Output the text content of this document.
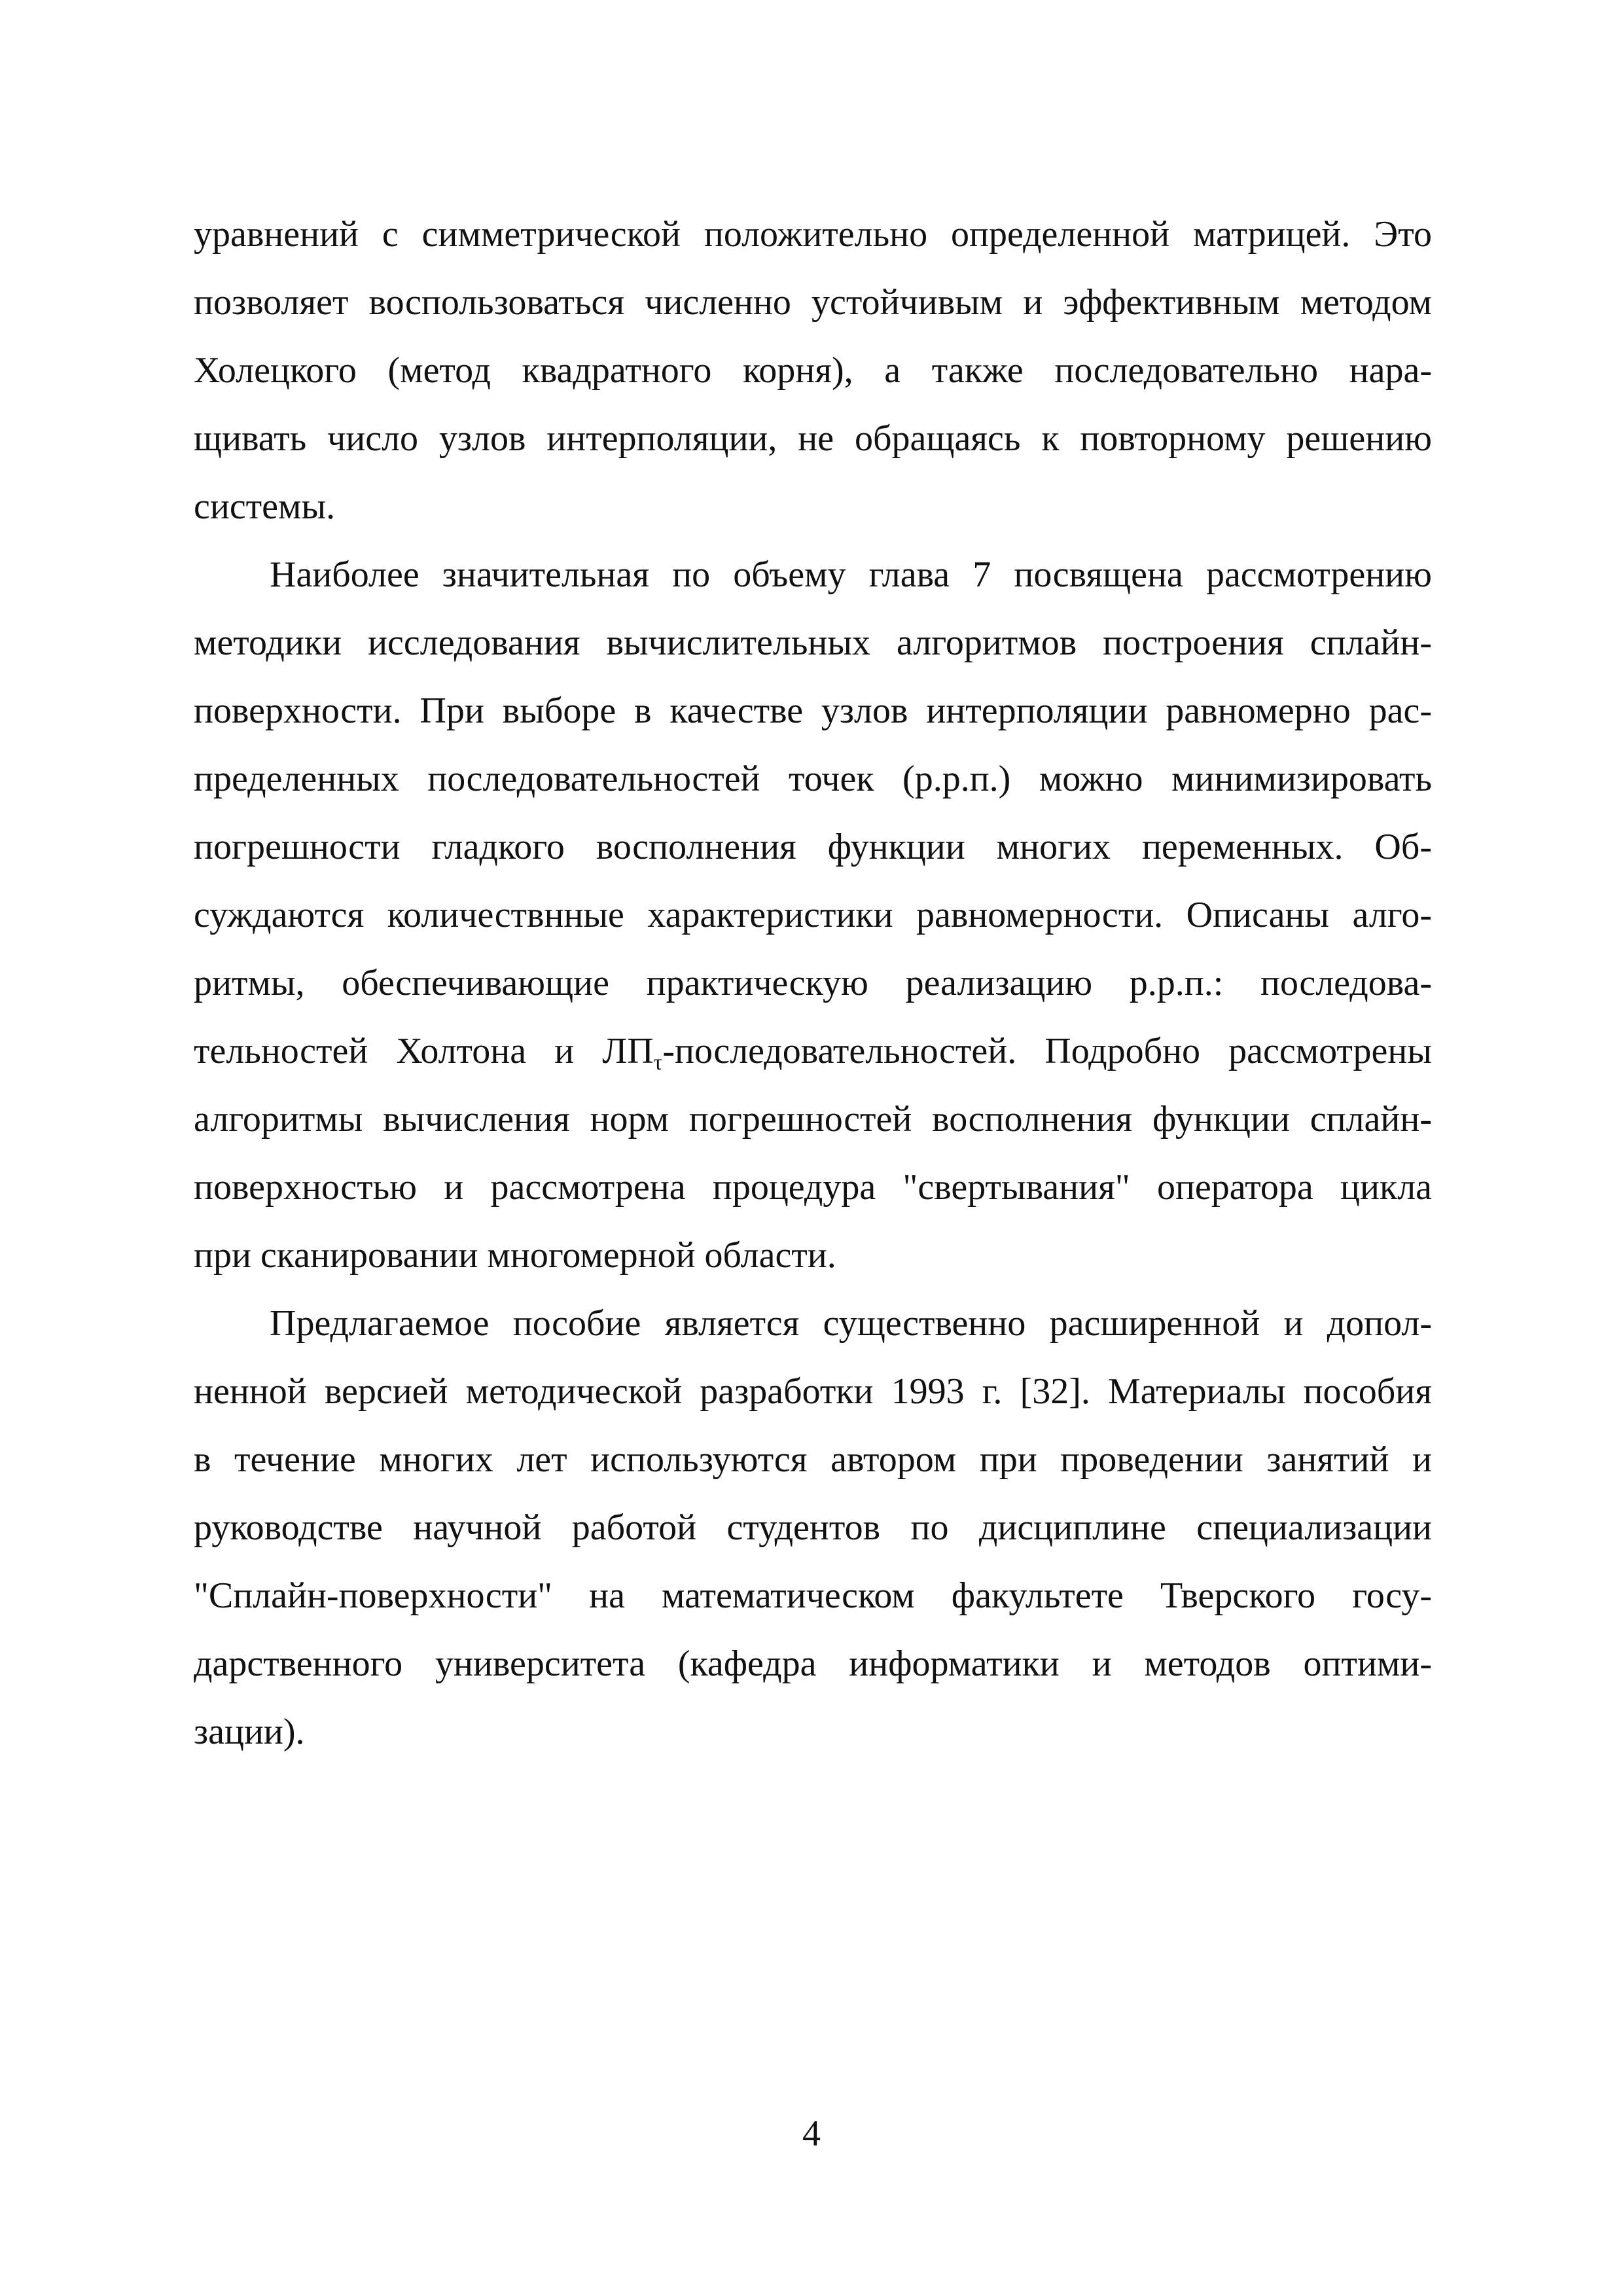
уравнений с симметрической положительно определенной матрицей. Это
позволяет воспользоваться численно устойчивым и эффективным методом
Холецкого (метод квадратного корня), а также последовательно нара-
щивать число узлов интерполяции, не обращаясь к повторному решению
системы.
Наиболее значительная по объему глава 7 посвящена рассмотрению
методики исследования вычислительных алгоритмов построения сплайн-
поверхности. При выборе в качестве узлов интерполяции равномерно рас-
пределенных последовательностей точек (р.р.п.) можно минимизировать
погрешности гладкого восполнения функции многих переменных. Об-
суждаются количествнные характеристики равномерности. Описаны алго-
ритмы, обеспечивающие практическую реализацию р.р.п.: последова-
тельностей Холтона и $ЛП_\tau$-последовательностей. Подробно рассмотрены
алгоритмы вычисления норм погрешностей восполнения функции сплайн-
поверхностью и рассмотрена процедура "свертывания" оператора цикла
при сканировании многомерной области.
Предлагаемое пособие является существенно расширенной и допол-
ненной версией методической разработки 1993 г. [32]. Материалы пособия
в течение многих лет используются автором при проведении занятий и
руководстве научной работой студентов по дисциплине специализации
"Сплайн-поверхности" на математическом факультете Тверского госу-
дарственного университета (кафедра информатики и методов оптими-
зации).
4
